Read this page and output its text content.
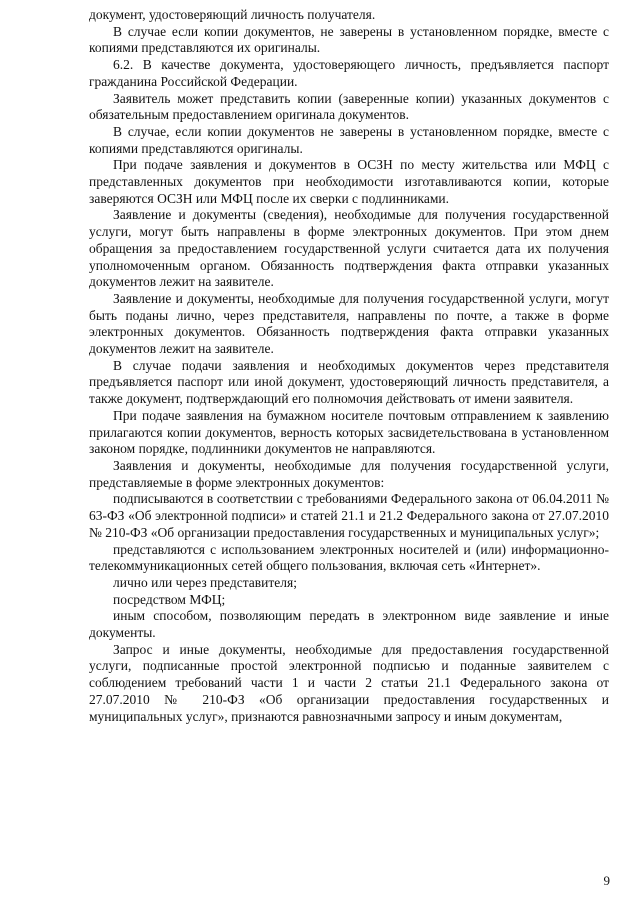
документ, удостоверяющий личность получателя.

В случае если копии документов, не заверены в установленном порядке, вместе с копиями представляются их оригиналы.

6.2. В качестве документа, удостоверяющего личность, предъявляется паспорт гражданина Российской Федерации.

Заявитель может представить копии (заверенные копии) указанных документов с обязательным предоставлением оригинала документов.

В случае, если копии документов не заверены в установленном порядке, вместе с копиями представляются оригиналы.

При подаче заявления и документов в ОСЗН по месту жительства или МФЦ с представленных документов при необходимости изготавливаются копии, которые заверяются ОСЗН или МФЦ после их сверки с подлинниками.

Заявление и документы (сведения), необходимые для получения государственной услуги, могут быть направлены в форме электронных документов. При этом днем обращения за предоставлением государственной услуги считается дата их получения уполномоченным органом. Обязанность подтверждения факта отправки указанных документов лежит на заявителе.

Заявление и документы, необходимые для получения государственной услуги, могут быть поданы лично, через представителя, направлены по почте, а также в форме электронных документов. Обязанность подтверждения факта отправки указанных документов лежит на заявителе.

В случае подачи заявления и необходимых документов через представителя предъявляется паспорт или иной документ, удостоверяющий личность представителя, а также документ, подтверждающий его полномочия действовать от имени заявителя.

При подаче заявления на бумажном носителе почтовым отправлением к заявлению прилагаются копии документов, верность которых засвидетельствована в установленном законом порядке, подлинники документов не направляются.

Заявления и документы, необходимые для получения государственной услуги, представляемые в форме электронных документов:

подписываются в соответствии с требованиями Федерального закона от 06.04.2011 № 63-ФЗ «Об электронной подписи» и статей 21.1 и 21.2 Федерального закона от 27.07.2010 № 210-ФЗ «Об организации предоставления государственных и муниципальных услуг»;

представляются с использованием электронных носителей и (или) информационно-телекоммуникационных сетей общего пользования, включая сеть «Интернет».

лично или через представителя;

посредством МФЦ;

иным способом, позволяющим передать в электронном виде заявление и иные документы.

Запрос и иные документы, необходимые для предоставления государственной услуги, подписанные простой электронной подписью и поданные заявителем с соблюдением требований части 1 и части 2 статьи 21.1 Федерального закона от 27.07.2010 № 210-ФЗ «Об организации предоставления государственных и муниципальных услуг», признаются равнозначными запросу и иным документам,

9
